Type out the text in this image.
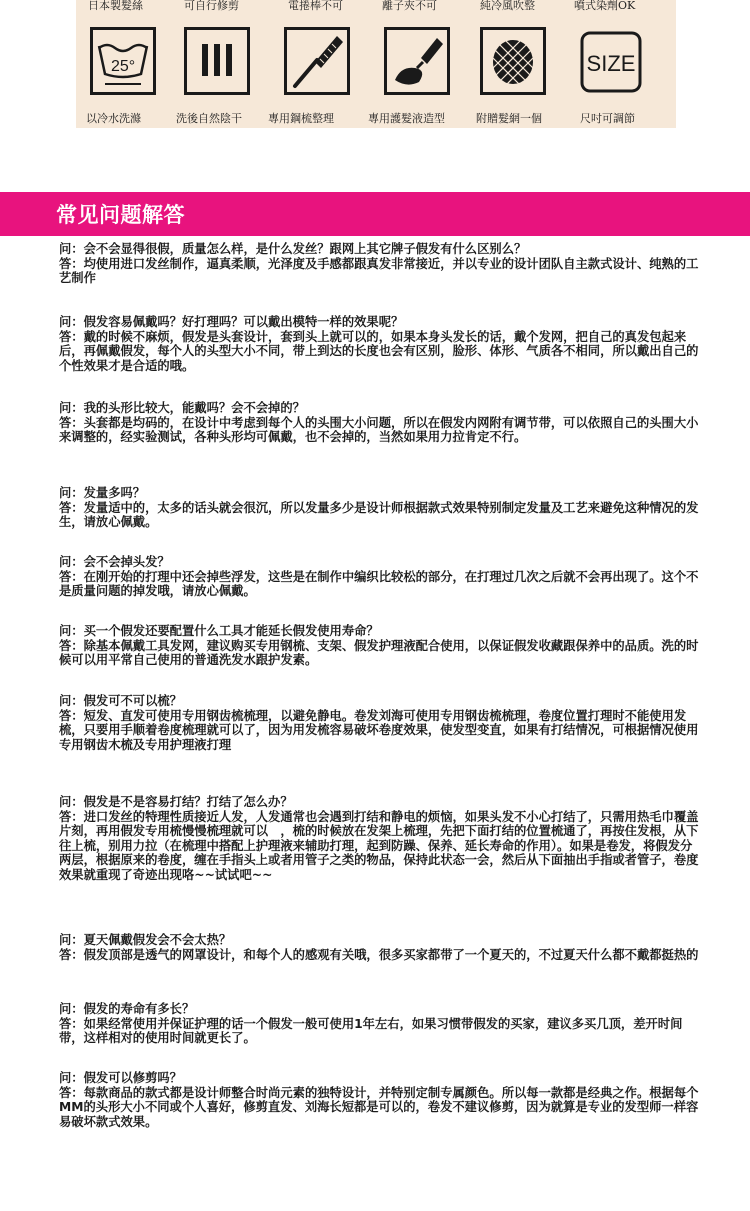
日本製髮絲	可自行修剪	電捲棒不可	離子夾不可	純冷風吹整	噴式染劑OK
25°	SIZE
以冷水洗滌	洗後自然陰干 專用鋼梳整理	專用護髮液造型	附贈髮網一個	尺吋可調節
常见问题解答

问：会不会显得很假，质量怎么样，是什么发丝？跟网上其它牌子假发有什么区别么？

答：均使用进口发丝制作，逼真柔顺，光泽度及手感都跟真发非常接近，并以专业的设计团队自主款式设计、纯熟的工艺制作

问：假发容易佩戴吗？好打理吗？可以戴出模特一样的效果呢？

答：戴的时候不麻烦，假发是头套设计，套到头上就可以的，如果本身头发长的话，戴个发网，把自己的真发包起来后，再佩戴假发，每个人的头型大小不同，带上到达的长度也会有区别，脸形、体形、气质各不相同，所以戴出自己的个性效果才是合适的哦。

问：我的头形比较大，能戴吗？会不会掉的？

答：头套都是均码的，在设计中考虑到每个人的头围大小问题，所以在假发内网附有调节带，可以依照自己的头围大小来调整的，经实验测试，各种头形均可佩戴，也不会掉的，当然如果用力拉肯定不行。

问：发量多吗？

答：发量适中的，太多的话头就会很沉，所以发量多少是设计师根据款式效果特别制定发量及工艺来避免这种情况的发生，请放心佩戴。

问：会不会掉头发？

答：在刚开始的打理中还会掉些浮发，这些是在制作中编织比较松的部分，在打理过几次之后就不会再出现了。这个不是质量问题的掉发哦，请放心佩戴。

问：买一个假发还要配置什么工具才能延长假发使用寿命？

答：除基本佩戴工具发网，建议购买专用钢梳、支架、假发护理液配合使用，以保证假发收藏跟保养中的品质。洗的时候可以用平常自己使用的普通洗发水跟护发素。

问：假发可不可以梳？

答：短发、直发可使用专用钢齿梳梳理，以避免静电。卷发刘海可使用专用钢齿梳梳理，卷度位置打理时不能使用发梳，只要用手顺着卷度梳理就可以了，因为用发梳容易破坏卷度效果，使发型变直，如果有打结情况，可根据情况使用专用钢齿木梳及专用护理液打理

问：假发是不是容易打结？打结了怎么办？

答：进口发丝的特理性质接近人发，人发通常也会遇到打结和静电的烦恼，如果头发不小心打结了，只需用热毛巾覆盖片刻，再用假发专用梳慢慢梳理就可以　，梳的时候放在发架上梳理，先把下面打结的位置梳通了，再按住发根，从下往上梳，别用力拉（在梳理中搭配上护理液来辅助打理，起到防躁、保养、延长寿命的作用）。如果是卷发，将假发分两层，根据原来的卷度，缠在手指头上或者用管子之类的物品，保持此状态一会，然后从下面抽出手指或者管子，卷度效果就重现了奇迹出现咯~~试试吧~~

问：夏天佩戴假发会不会太热？

答：假发顶部是透气的网罩设计，和每个人的感观有关哦，很多买家都带了一个夏天的，不过夏天什么都不戴都挺热的

问：假发的寿命有多长？

答：如果经常使用并保证护理的话一个假发一般可使用1年左右，如果习惯带假发的买家，建议多买几顶，差开时间带，这样相对的使用时间就更长了。

问：假发可以修剪吗？

答：每款商品的款式都是设计师整合时尚元素的独特设计，并特别定制专属颜色。所以每一款都是经典之作。根据每个MM的头形大小不同或个人喜好，修剪直发、刘海长短都是可以的，卷发不建议修剪，因为就算是专业的发型师一样容易破坏款式效果。
